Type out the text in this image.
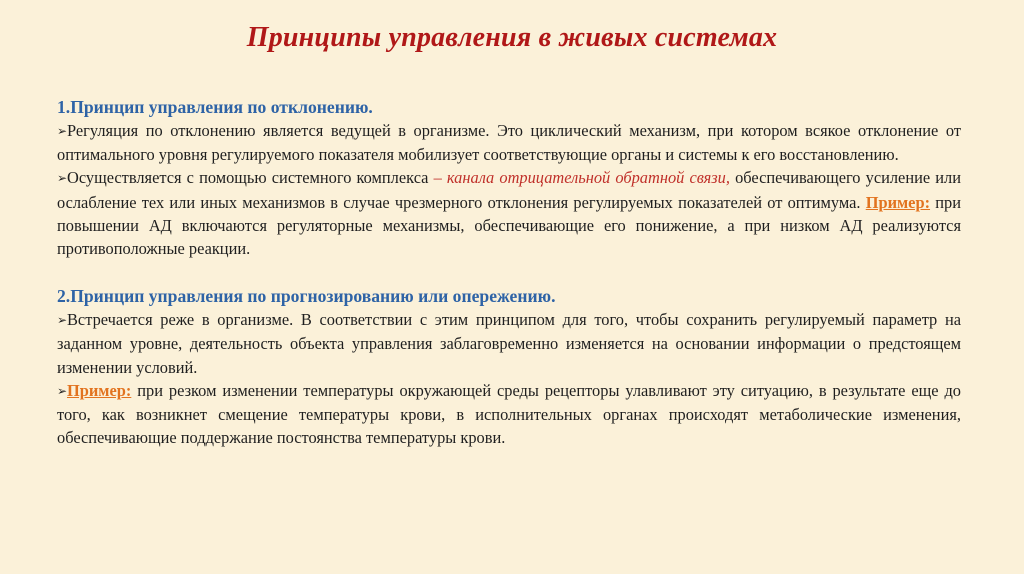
Принципы управления в живых системах
1.Принцип управления по отклонению.

➢Регуляция по отклонению является ведущей в организме. Это циклический механизм, при котором всякое отклонение от оптимального уровня регулируемого показателя мобилизует соответствующие органы и системы к его восстановлению.

➢Осуществляется с помощью системного комплекса – канала отрицательной обратной связи, обеспечивающего усиление или ослабление тех или иных механизмов в случае чрезмерного отклонения регулируемых показателей от оптимума. Пример: при повышении АД включаются регуляторные механизмы, обеспечивающие его понижение, а при низком АД реализуются противоположные реакции.

2.Принцип управления по прогнозированию или опережению.

➢Встречается реже в организме. В соответствии с этим принципом для того, чтобы сохранить регулируемый параметр на заданном уровне, деятельность объекта управления заблаговременно изменяется на основании информации о предстоящем изменении условий.

➢Пример: при резком изменении температуры окружающей среды рецепторы улавливают эту ситуацию, в результате еще до того, как возникнет смещение температуры крови, в исполнительных органах происходят метаболические изменения, обеспечивающие поддержание постоянства температуры крови.
